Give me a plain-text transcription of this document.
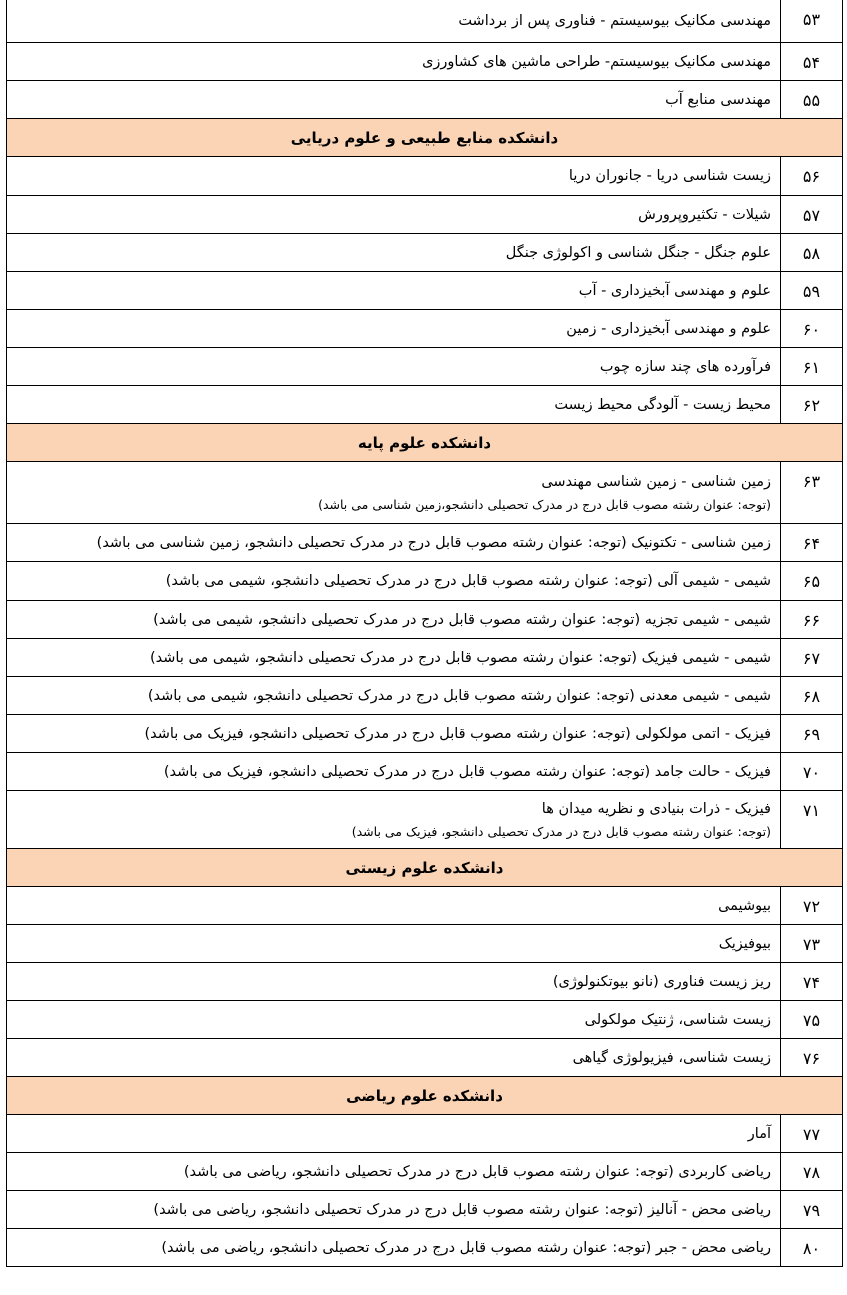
۵۳
مهندسی مکانیک بیوسیستم - فناوری پس از برداشت
۵۴
مهندسی مکانیک بیوسیستم- طراحی ماشین های کشاورزی
۵۵
مهندسی منابع آب
دانشکده منابع طبیعی و علوم دریایی
۵۶
زیست شناسی دریا - جانوران دریا
۵۷
شیلات - تکثیروپرورش
۵۸
علوم جنگل - جنگل شناسی و اکولوژی جنگل
۵۹
علوم و مهندسی آبخیزداری - آب
۶۰
علوم و مهندسی آبخیزداری - زمین
۶۱
فرآورده های چند سازه چوب
۶۲
محیط زیست - آلودگی محیط زیست
دانشکده علوم پایه
۶۳
زمین شناسی - زمین شناسی مهندسی
(توجه: عنوان رشته مصوب قابل درج در مدرک تحصیلی دانشجو،زمین شناسی می باشد)
۶۴
زمین شناسی - تکتونیک (توجه: عنوان رشته مصوب قابل درج در مدرک تحصیلی دانشجو، زمین شناسی می باشد)
۶۵
شیمی - شیمی آلی (توجه: عنوان رشته مصوب قابل درج در مدرک تحصیلی دانشجو، شیمی می باشد)
۶۶
شیمی - شیمی تجزیه (توجه: عنوان رشته مصوب قابل درج در مدرک تحصیلی دانشجو، شیمی می باشد)
۶۷
شیمی - شیمی فیزیک (توجه: عنوان رشته مصوب قابل درج در مدرک تحصیلی دانشجو، شیمی می باشد)
۶۸
شیمی - شیمی معدنی (توجه: عنوان رشته مصوب قابل درج در مدرک تحصیلی دانشجو، شیمی می باشد)
۶۹
فیزیک - اتمی مولکولی (توجه: عنوان رشته مصوب قابل درج در مدرک تحصیلی دانشجو، فیزیک می باشد)
۷۰
فیزیک - حالت جامد (توجه: عنوان رشته مصوب قابل درج در مدرک تحصیلی دانشجو، فیزیک می باشد)
۷۱
فیزیک - ذرات بنیادی و نظریه میدان ها
(توجه: عنوان رشته مصوب قابل درج در مدرک تحصیلی دانشجو، فیزیک می باشد)
دانشکده علوم زیستی
۷۲
بیوشیمی
۷۳
بیوفیزیک
۷۴
ریز زیست فناوری (نانو بیوتکنولوژی)
۷۵
زیست شناسی، ژنتیک مولکولی
۷۶
زیست شناسی، فیزیولوژی گیاهی
دانشکده علوم ریاضی
۷۷
آمار
۷۸
ریاضی کاربردی (توجه: عنوان رشته مصوب قابل درج در مدرک تحصیلی دانشجو، ریاضی می باشد)
۷۹
ریاضی محض - آنالیز (توجه: عنوان رشته مصوب قابل درج در مدرک تحصیلی دانشجو، ریاضی می باشد)
۸۰
ریاضی محض - جبر (توجه: عنوان رشته مصوب قابل درج در مدرک تحصیلی دانشجو، ریاضی می باشد)
